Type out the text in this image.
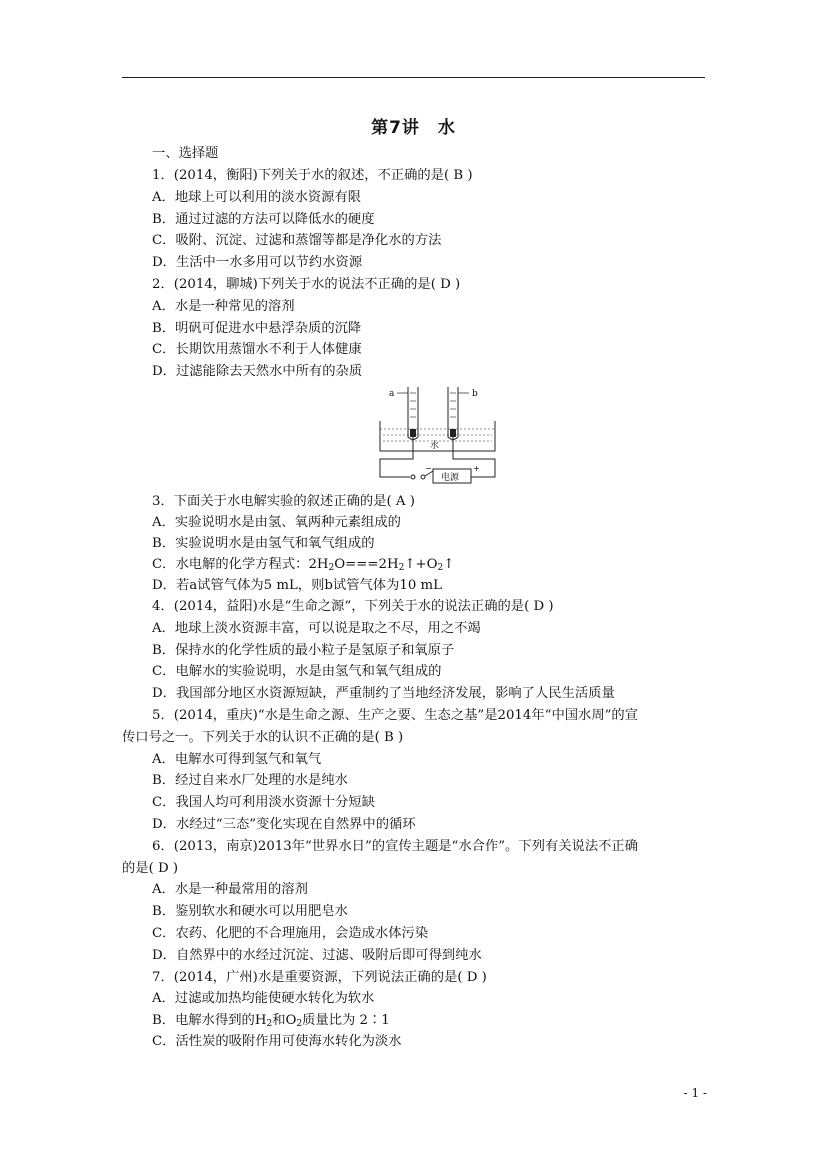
第7讲　水
一、选择题
1．(2014，衡阳)下列关于水的叙述，不正确的是( B )
A．地球上可以利用的淡水资源有限
B．通过过滤的方法可以降低水的硬度
C．吸附、沉淀、过滤和蒸馏等都是净化水的方法
D．生活中一水多用可以节约水资源
2．(2014，聊城)下列关于水的说法不正确的是( D )
A．水是一种常见的溶剂
B．明矾可促进水中悬浮杂质的沉降
C．长期饮用蒸馏水不利于人体健康
D．过滤能除去天然水中所有的杂质
a	b
水
电源
−	+
3．下面关于水电解实验的叙述正确的是( A )
A．实验说明水是由氢、氧两种元素组成的
B．实验说明水是由氢气和氧气组成的
C．水电解的化学方程式：$2H_2O===2H_2↑+O_2↑$
D．若a试管气体为5 mL，则b试管气体为10 mL
4．(2014，益阳)水是“生命之源”，下列关于水的说法正确的是( D )
A．地球上淡水资源丰富，可以说是取之不尽，用之不竭
B．保持水的化学性质的最小粒子是氢原子和氧原子
C．电解水的实验说明，水是由氢气和氧气组成的
D．我国部分地区水资源短缺，严重制约了当地经济发展，影响了人民生活质量
5．(2014，重庆)“水是生命之源、生产之要、生态之基”是2014年“中国水周”的宣
传口号之一。下列关于水的认识不正确的是( B )
A．电解水可得到氢气和氧气
B．经过自来水厂处理的水是纯水
C．我国人均可利用淡水资源十分短缺
D．水经过“三态”变化实现在自然界中的循环
6．(2013，南京)2013年“世界水日”的宣传主题是“水合作”。下列有关说法不正确
的是( D )
A．水是一种最常用的溶剂
B．鉴别软水和硬水可以用肥皂水
C．农药、化肥的不合理施用，会造成水体污染
D．自然界中的水经过沉淀、过滤、吸附后即可得到纯水
7．(2014，广州)水是重要资源，下列说法正确的是( D )
A．过滤或加热均能使硬水转化为软水
B．电解水得到的$H_2$和$O_2$质量比为 2∶1
C．活性炭的吸附作用可使海水转化为淡水
- 1 -
